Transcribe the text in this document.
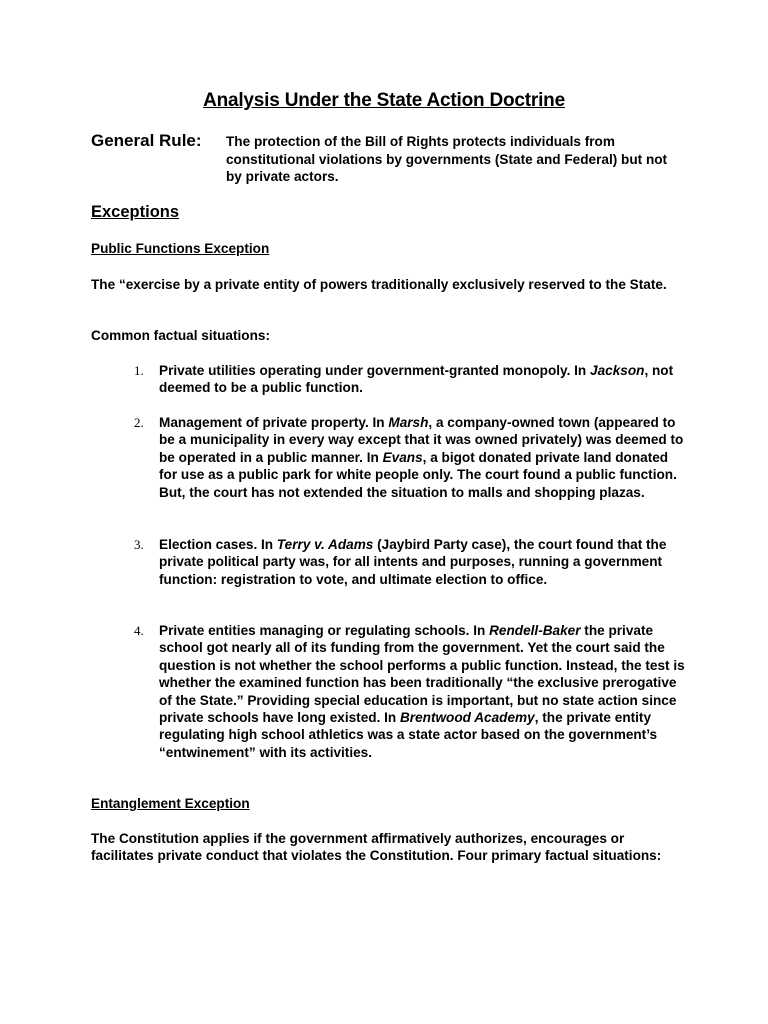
Analysis Under the State Action Doctrine
General Rule: The protection of the Bill of Rights protects individuals from constitutional violations by governments (State and Federal) but not by private actors.
Exceptions
Public Functions Exception
The “exercise by a private entity of powers traditionally exclusively reserved to the State.
Common factual situations:
1. Private utilities operating under government-granted monopoly. In Jackson, not deemed to be a public function.
2. Management of private property. In Marsh, a company-owned town (appeared to be a municipality in every way except that it was owned privately) was deemed to be operated in a public manner. In Evans, a bigot donated private land donated for use as a public park for white people only. The court found a public function. But, the court has not extended the situation to malls and shopping plazas.
3. Election cases. In Terry v. Adams (Jaybird Party case), the court found that the private political party was, for all intents and purposes, running a government function: registration to vote, and ultimate election to office.
4. Private entities managing or regulating schools. In Rendell-Baker the private school got nearly all of its funding from the government. Yet the court said the question is not whether the school performs a public function. Instead, the test is whether the examined function has been traditionally “the exclusive prerogative of the State.” Providing special education is important, but no state action since private schools have long existed. In Brentwood Academy, the private entity regulating high school athletics was a state actor based on the government’s “entwinement” with its activities.
Entanglement Exception
The Constitution applies if the government affirmatively authorizes, encourages or facilitates private conduct that violates the Constitution. Four primary factual situations:
